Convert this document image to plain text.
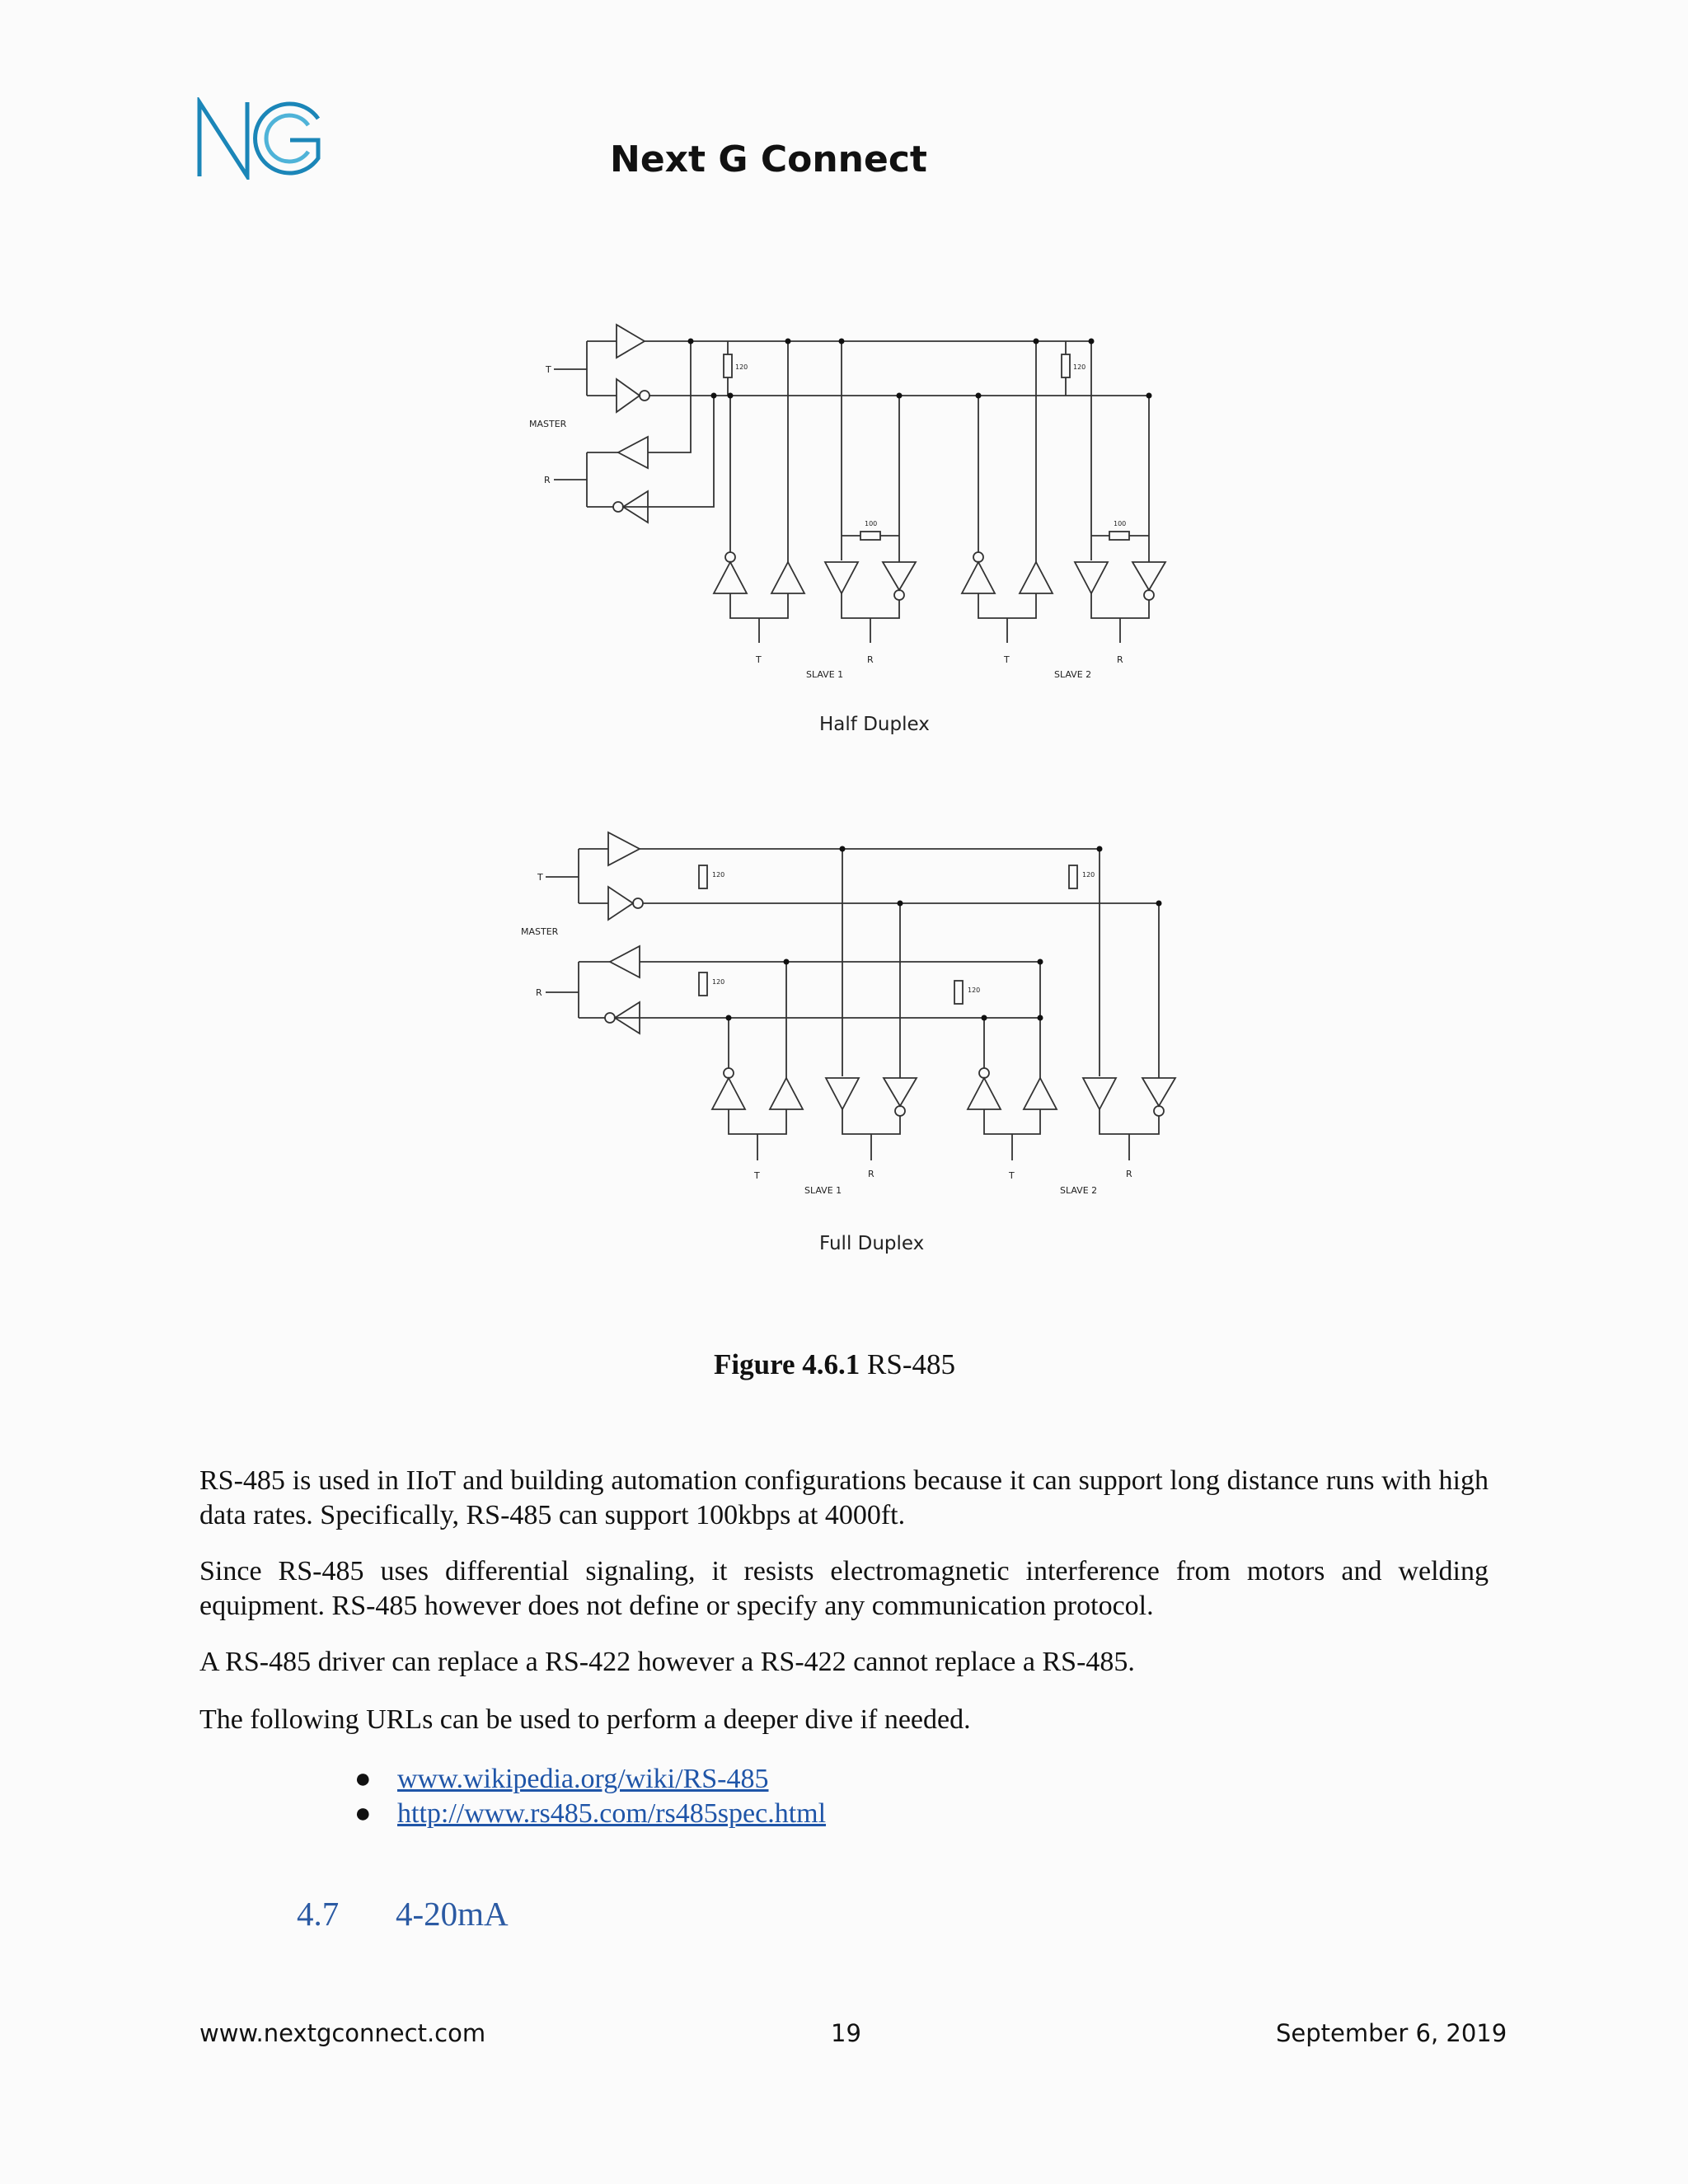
Next G Connect
T
MASTER
R
120	120
100	100
T	R	T	R
SLAVE 1	SLAVE 2
Half Duplex
T
MASTER
R
120	120
120
120
T	R	T	R
SLAVE 1	SLAVE 2
Full Duplex
Figure 4.6.1 RS-485
RS-485 is used in IIoT and building automation configurations because it can support long distance runs with high data rates. Specifically, RS-485 can support 100kbps at 4000ft.
Since RS-485 uses differential signaling, it resists electromagnetic interference from motors and welding equipment. RS-485 however does not define or specify any communication protocol.
A RS-485 driver can replace a RS-422 however a RS-422 cannot replace a RS-485.
The following URLs can be used to perform a deeper dive if needed.
● www.wikipedia.org/wiki/RS-485
● http://www.rs485.com/rs485spec.html
4.7 4-20mA
www.nextgconnect.com	19	September 6, 2019
